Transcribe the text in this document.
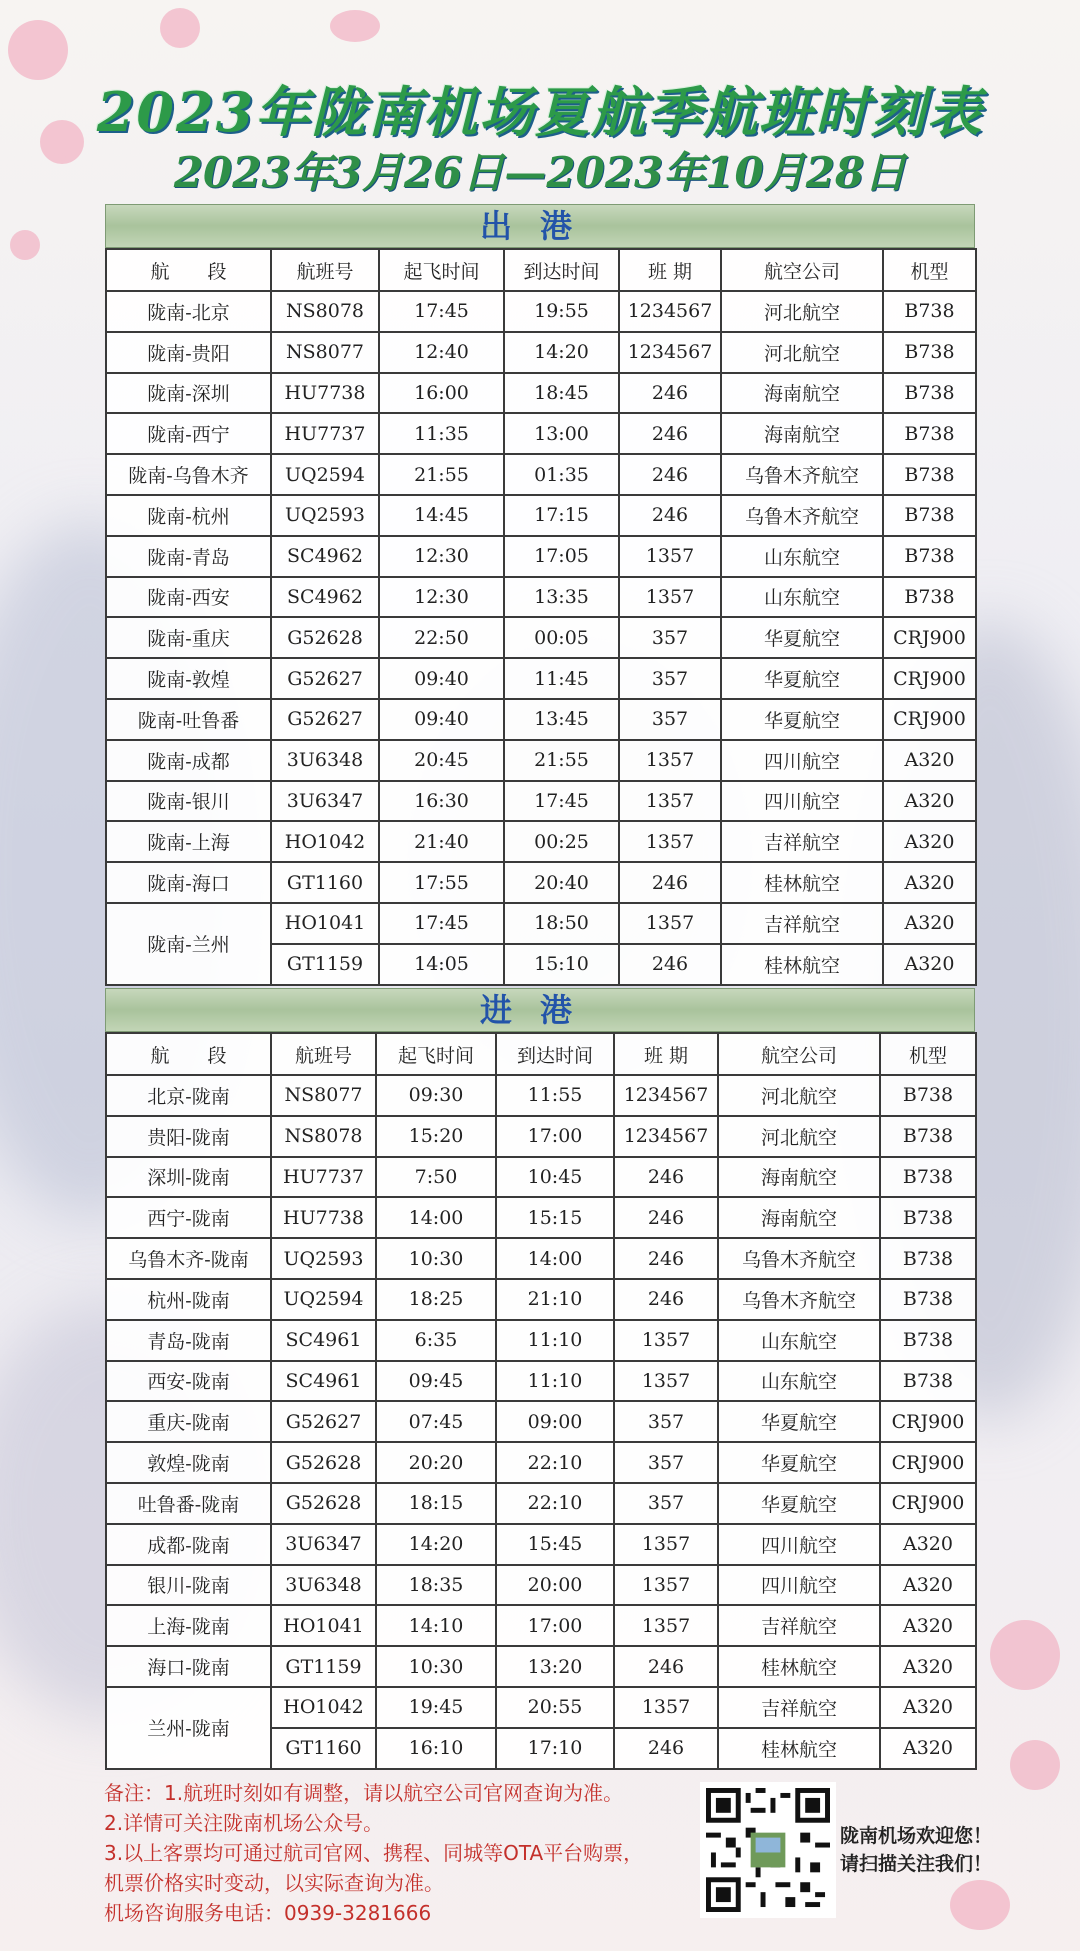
2023年陇南机场夏航季航班时刻表
2023年3月26日—2023年10月28日
出港
航　　段	航班号	起飞时间	到达时间	班 期	航空公司	机型
陇南-北京	NS8078	17:45	19:55	1234567	河北航空	B738
陇南-贵阳	NS8077	12:40	14:20	1234567	河北航空	B738
陇南-深圳	HU7738	16:00	18:45	246	海南航空	B738
陇南-西宁	HU7737	11:35	13:00	246	海南航空	B738
陇南-乌鲁木齐	UQ2594	21:55	01:35	246	乌鲁木齐航空	B738
陇南-杭州	UQ2593	14:45	17:15	246	乌鲁木齐航空	B738
陇南-青岛	SC4962	12:30	17:05	1357	山东航空	B738
陇南-西安	SC4962	12:30	13:35	1357	山东航空	B738
陇南-重庆	G52628	22:50	00:05	357	华夏航空	CRJ900
陇南-敦煌	G52627	09:40	11:45	357	华夏航空	CRJ900
陇南-吐鲁番	G52627	09:40	13:45	357	华夏航空	CRJ900
陇南-成都	3U6348	20:45	21:55	1357	四川航空	A320
陇南-银川	3U6347	16:30	17:45	1357	四川航空	A320
陇南-上海	HO1042	21:40	00:25	1357	吉祥航空	A320
陇南-海口	GT1160	17:55	20:40	246	桂林航空	A320
陇南-兰州	HO1041	17:45	18:50	1357	吉祥航空	A320
	GT1159	14:05	15:10	246	桂林航空	A320
进港
航　　段	航班号	起飞时间	到达时间	班 期	航空公司	机型
北京-陇南	NS8077	09:30	11:55	1234567	河北航空	B738
贵阳-陇南	NS8078	15:20	17:00	1234567	河北航空	B738
深圳-陇南	HU7737	7:50	10:45	246	海南航空	B738
西宁-陇南	HU7738	14:00	15:15	246	海南航空	B738
乌鲁木齐-陇南	UQ2593	10:30	14:00	246	乌鲁木齐航空	B738
杭州-陇南	UQ2594	18:25	21:10	246	乌鲁木齐航空	B738
青岛-陇南	SC4961	6:35	11:10	1357	山东航空	B738
西安-陇南	SC4961	09:45	11:10	1357	山东航空	B738
重庆-陇南	G52627	07:45	09:00	357	华夏航空	CRJ900
敦煌-陇南	G52628	20:20	22:10	357	华夏航空	CRJ900
吐鲁番-陇南	G52628	18:15	22:10	357	华夏航空	CRJ900
成都-陇南	3U6347	14:20	15:45	1357	四川航空	A320
银川-陇南	3U6348	18:35	20:00	1357	四川航空	A320
上海-陇南	HO1041	14:10	17:00	1357	吉祥航空	A320
海口-陇南	GT1159	10:30	13:20	246	桂林航空	A320
兰州-陇南	HO1042	19:45	20:55	1357	吉祥航空	A320
	GT1160	16:10	17:10	246	桂林航空	A320
备注：1.航班时刻如有调整，请以航空公司官网查询为准。
2.详情可关注陇南机场公众号。
3.以上客票均可通过航司官网、携程、同城等OTA平台购票，
机票价格实时变动，以实际查询为准。
机场咨询服务电话：0939-3281666
陇南机场欢迎您！
请扫描关注我们！
